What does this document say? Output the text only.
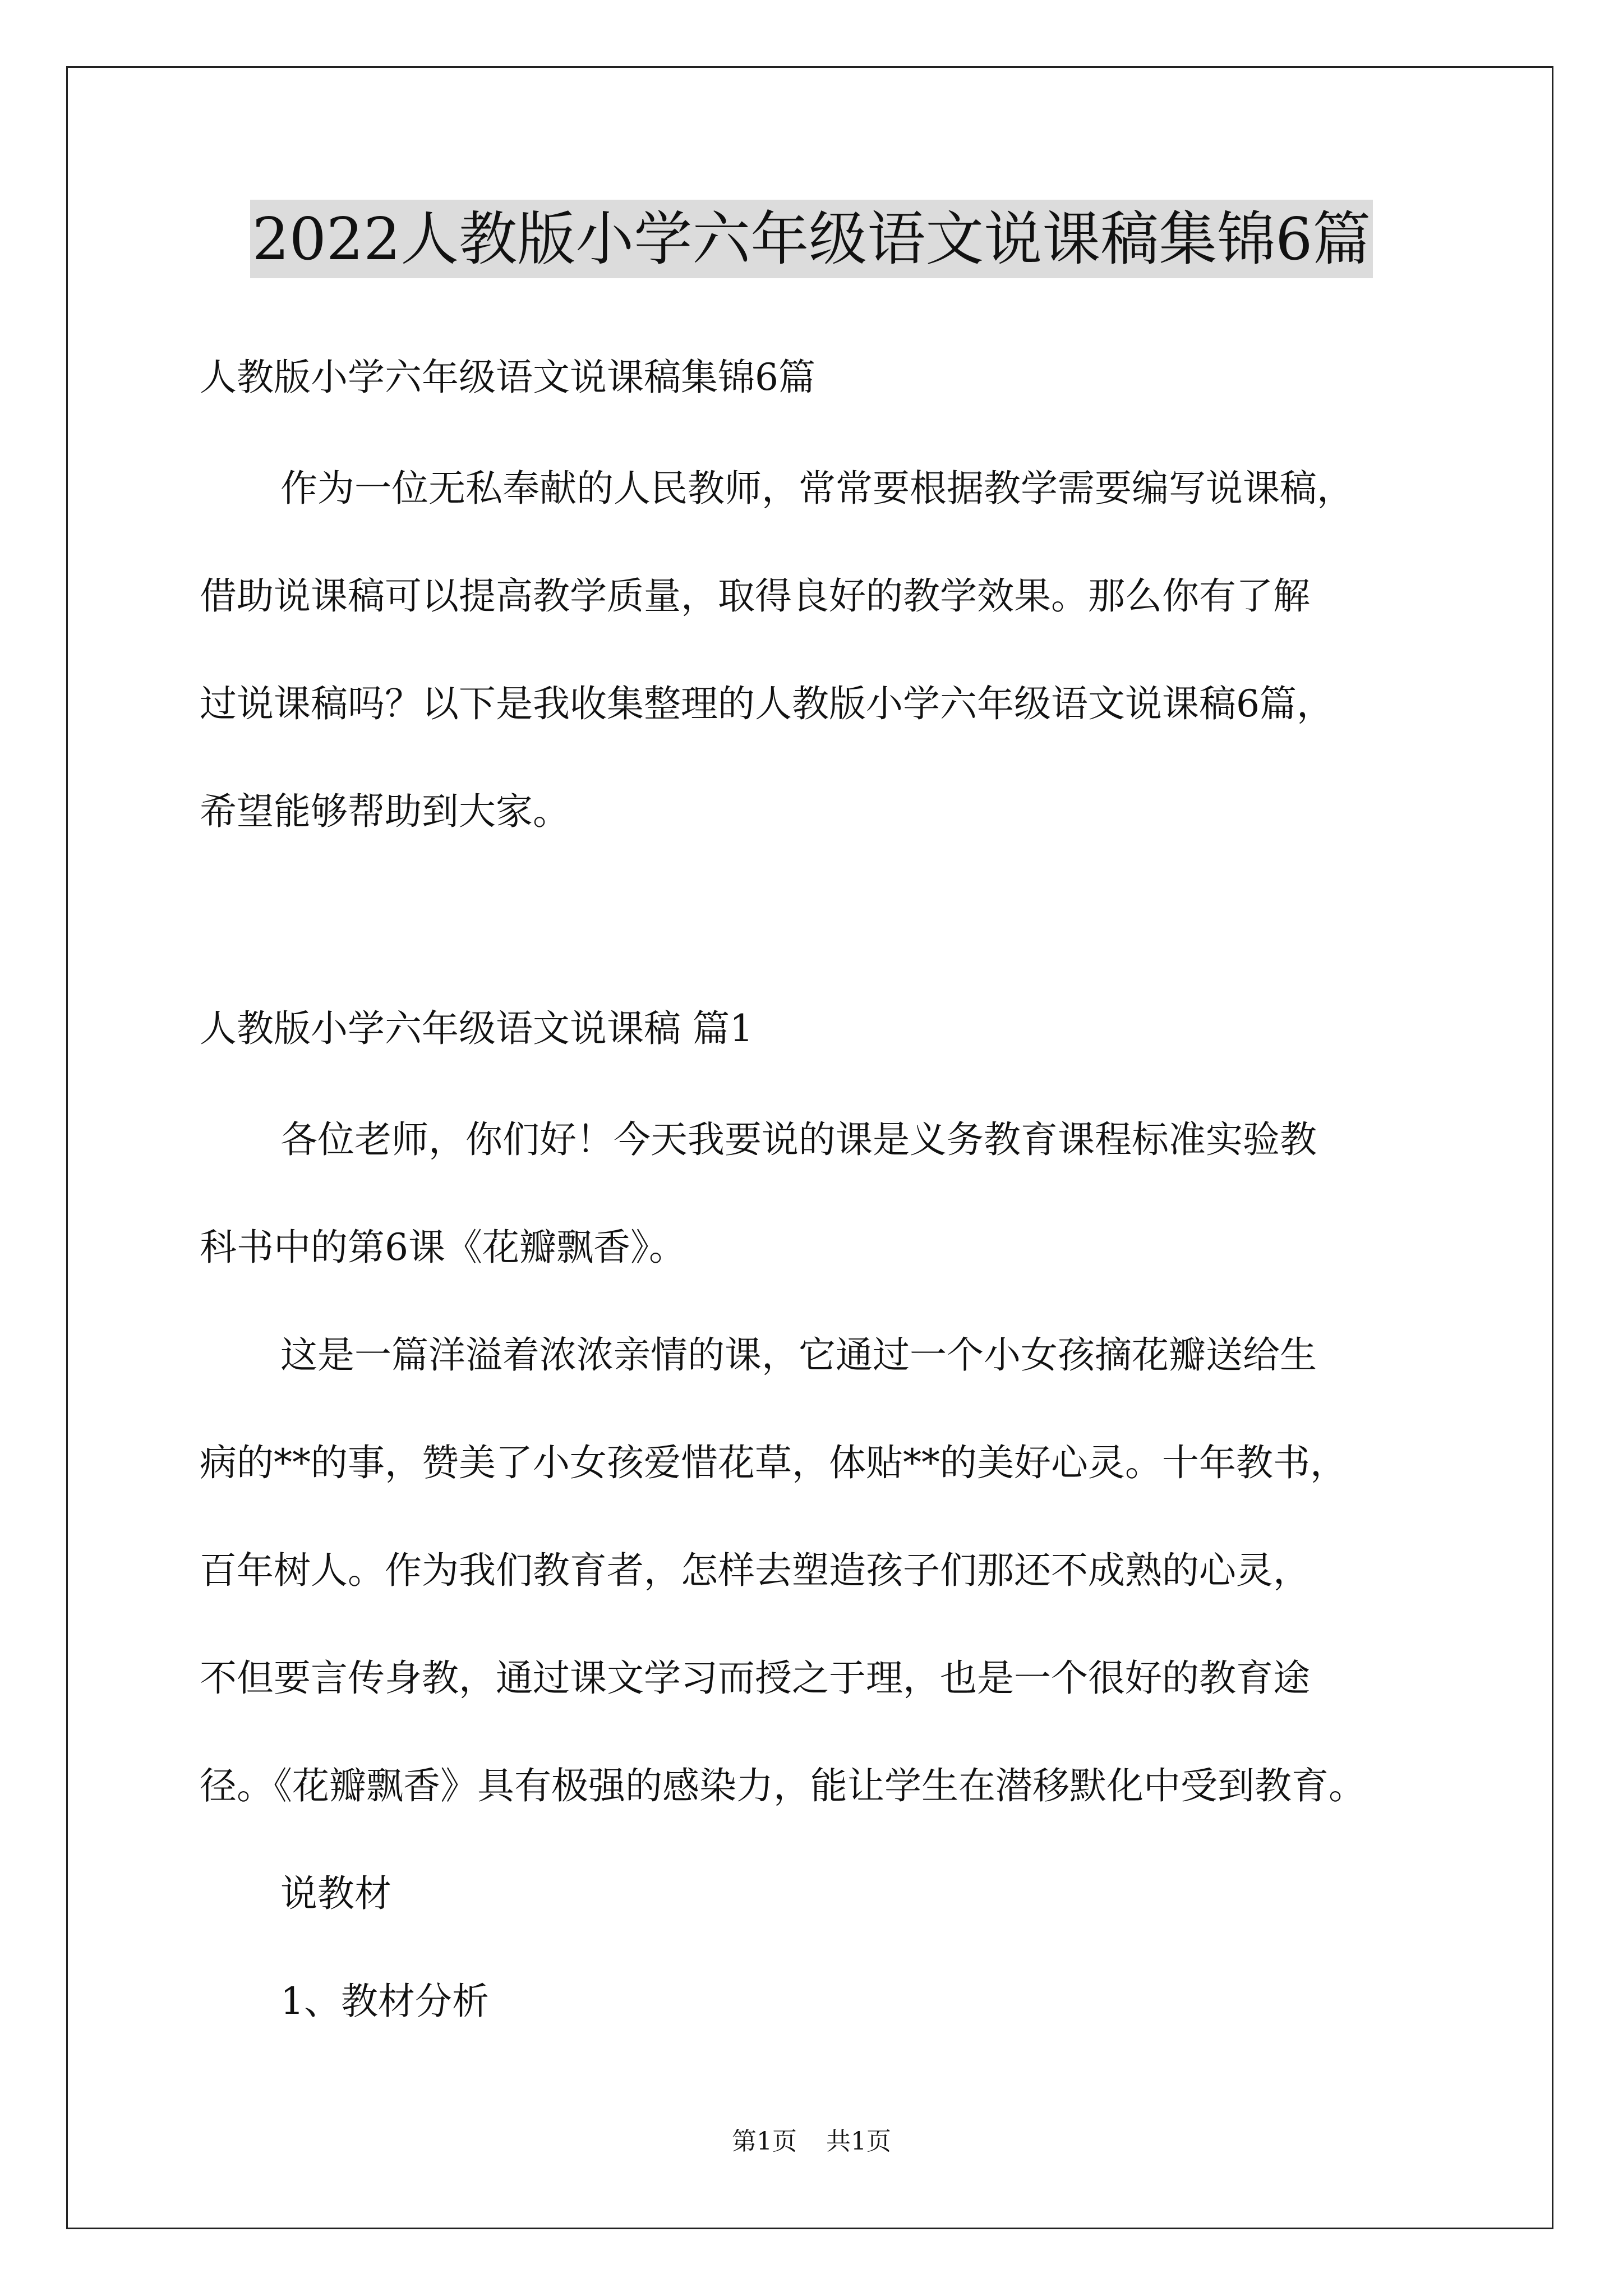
2022人教版小学六年级语文说课稿集锦6篇
人教版小学六年级语文说课稿集锦6篇
作为一位无私奉献的人民教师，常常要根据教学需要编写说课稿，
借助说课稿可以提高教学质量，取得良好的教学效果。那么你有了解
过说课稿吗？以下是我收集整理的人教版小学六年级语文说课稿6篇，
希望能够帮助到大家。
人教版小学六年级语文说课稿 篇1
各位老师，你们好！今天我要说的课是义务教育课程标准实验教
科书中的第6课《花瓣飘香》。
这是一篇洋溢着浓浓亲情的课，它通过一个小女孩摘花瓣送给生
病的**的事，赞美了小女孩爱惜花草，体贴**的美好心灵。十年教书，
百年树人。作为我们教育者，怎样去塑造孩子们那还不成熟的心灵，
不但要言传身教，通过课文学习而授之于理，也是一个很好的教育途
径。《花瓣飘香》具有极强的感染力，能让学生在潜移默化中受到教育。
说教材
1、教材分析
第1页 共1页
